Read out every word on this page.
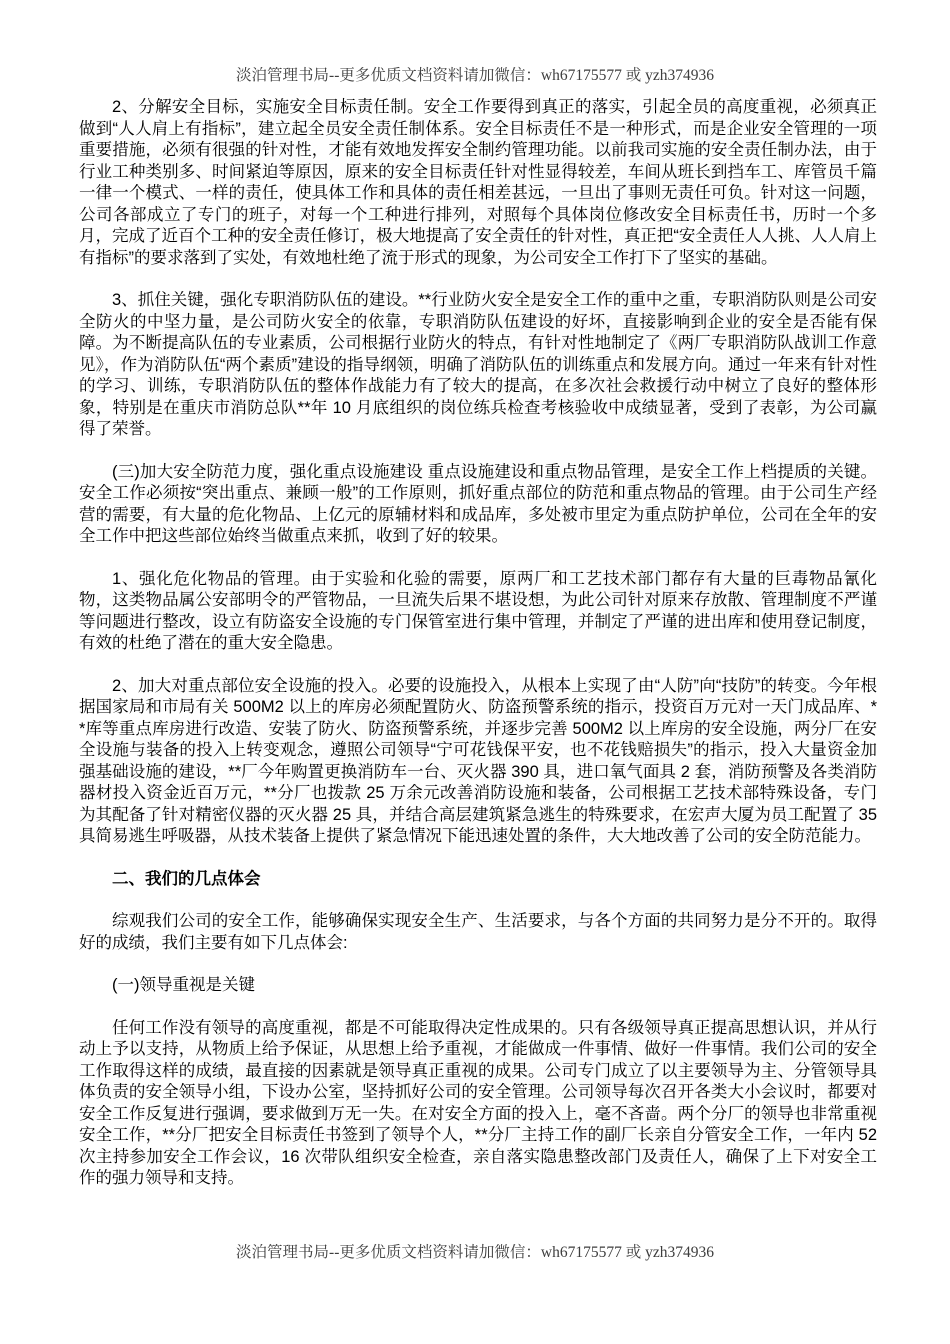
淡泊管理书局--更多优质文档资料请加微信：wh67175577 或 yzh374936

2、分解安全目标，实施安全目标责任制。安全工作要得到真正的落实，引起全员的高度重视，必须真正做到“人人肩上有指标”，建立起全员安全责任制体系。安全目标责任不是一种形式，而是企业安全管理的一项重要措施，必须有很强的针对性，才能有效地发挥安全制约管理功能。以前我司实施的安全责任制办法，由于行业工种类别多、时间紧迫等原因，原来的安全目标责任针对性显得较差，车间从班长到挡车工、库管员千篇一律一个模式、一样的责任，使具体工作和具体的责任相差甚远，一旦出了事则无责任可负。针对这一问题，公司各部成立了专门的班子，对每一个工种进行排列，对照每个具体岗位修改安全目标责任书，历时一个多月，完成了近百个工种的安全责任修订，极大地提高了安全责任的针对性，真正把“安全责任人人挑、人人肩上有指标”的要求落到了实处，有效地杜绝了流于形式的现象，为公司安全工作打下了坚实的基础。

3、抓住关键，强化专职消防队伍的建设。**行业防火安全是安全工作的重中之重，专职消防队则是公司安全防火的中坚力量，是公司防火安全的依靠，专职消防队伍建设的好坏，直接影响到企业的安全是否能有保障。为不断提高队伍的专业素质，公司根据行业防火的特点，有针对性地制定了《两厂专职消防队战训工作意见》，作为消防队伍“两个素质”建设的指导纲领，明确了消防队伍的训练重点和发展方向。通过一年来有针对性的学习、训练，专职消防队伍的整体作战能力有了较大的提高，在多次社会救援行动中树立了良好的整体形象，特别是在重庆市消防总队**年 10 月底组织的岗位练兵检查考核验收中成绩显著，受到了表彰，为公司赢得了荣誉。

(三)加大安全防范力度，强化重点设施建设 重点设施建设和重点物品管理，是安全工作上档提质的关键。安全工作必须按“突出重点、兼顾一般”的工作原则，抓好重点部位的防范和重点物品的管理。由于公司生产经营的需要，有大量的危化物品、上亿元的原辅材料和成品库，多处被市里定为重点防护单位，公司在全年的安全工作中把这些部位始终当做重点来抓，收到了好的较果。

1、强化危化物品的管理。由于实验和化验的需要，原两厂和工艺技术部门都存有大量的巨毒物品氰化物，这类物品属公安部明令的严管物品，一旦流失后果不堪设想，为此公司针对原来存放散、管理制度不严谨等问题进行整改，设立有防盗安全设施的专门保管室进行集中管理，并制定了严谨的进出库和使用登记制度，有效的杜绝了潜在的重大安全隐患。

2、加大对重点部位安全设施的投入。必要的设施投入，从根本上实现了由“人防”向“技防”的转变。今年根据国家局和市局有关 500M2 以上的库房必须配置防火、防盗预警系统的指示，投资百万元对一天门成品库、**库等重点库房进行改造、安装了防火、防盗预警系统，并逐步完善 500M2 以上库房的安全设施，两分厂在安全设施与装备的投入上转变观念，遵照公司领导“宁可花钱保平安，也不花钱赔损失”的指示，投入大量资金加强基础设施的建设，**厂今年购置更换消防车一台、灭火器 390 具，进口氧气面具 2 套，消防预警及各类消防器材投入资金近百万元，**分厂也拨款 25 万余元改善消防设施和装备，公司根据工艺技术部特殊设备，专门为其配备了针对精密仪器的灭火器 25 具，并结合高层建筑紧急逃生的特殊要求，在宏声大厦为员工配置了 35 具简易逃生呼吸器，从技术装备上提供了紧急情况下能迅速处置的条件，大大地改善了公司的安全防范能力。

二、我们的几点体会

综观我们公司的安全工作，能够确保实现安全生产、生活要求，与各个方面的共同努力是分不开的。取得好的成绩，我们主要有如下几点体会:

(一)领导重视是关键

任何工作没有领导的高度重视，都是不可能取得决定性成果的。只有各级领导真正提高思想认识，并从行动上予以支持，从物质上给予保证，从思想上给予重视，才能做成一件事情、做好一件事情。我们公司的安全工作取得这样的成绩，最直接的因素就是领导真正重视的成果。公司专门成立了以主要领导为主、分管领导具体负责的安全领导小组，下设办公室，坚持抓好公司的安全管理。公司领导每次召开各类大小会议时，都要对安全工作反复进行强调，要求做到万无一失。在对安全方面的投入上，毫不吝啬。两个分厂的领导也非常重视安全工作，**分厂把安全目标责任书签到了领导个人，**分厂主持工作的副厂长亲自分管安全工作，一年内 52 次主持参加安全工作会议，16 次带队组织安全检查，亲自落实隐患整改部门及责任人，确保了上下对安全工作的强力领导和支持。

淡泊管理书局--更多优质文档资料请加微信：wh67175577 或 yzh374936
